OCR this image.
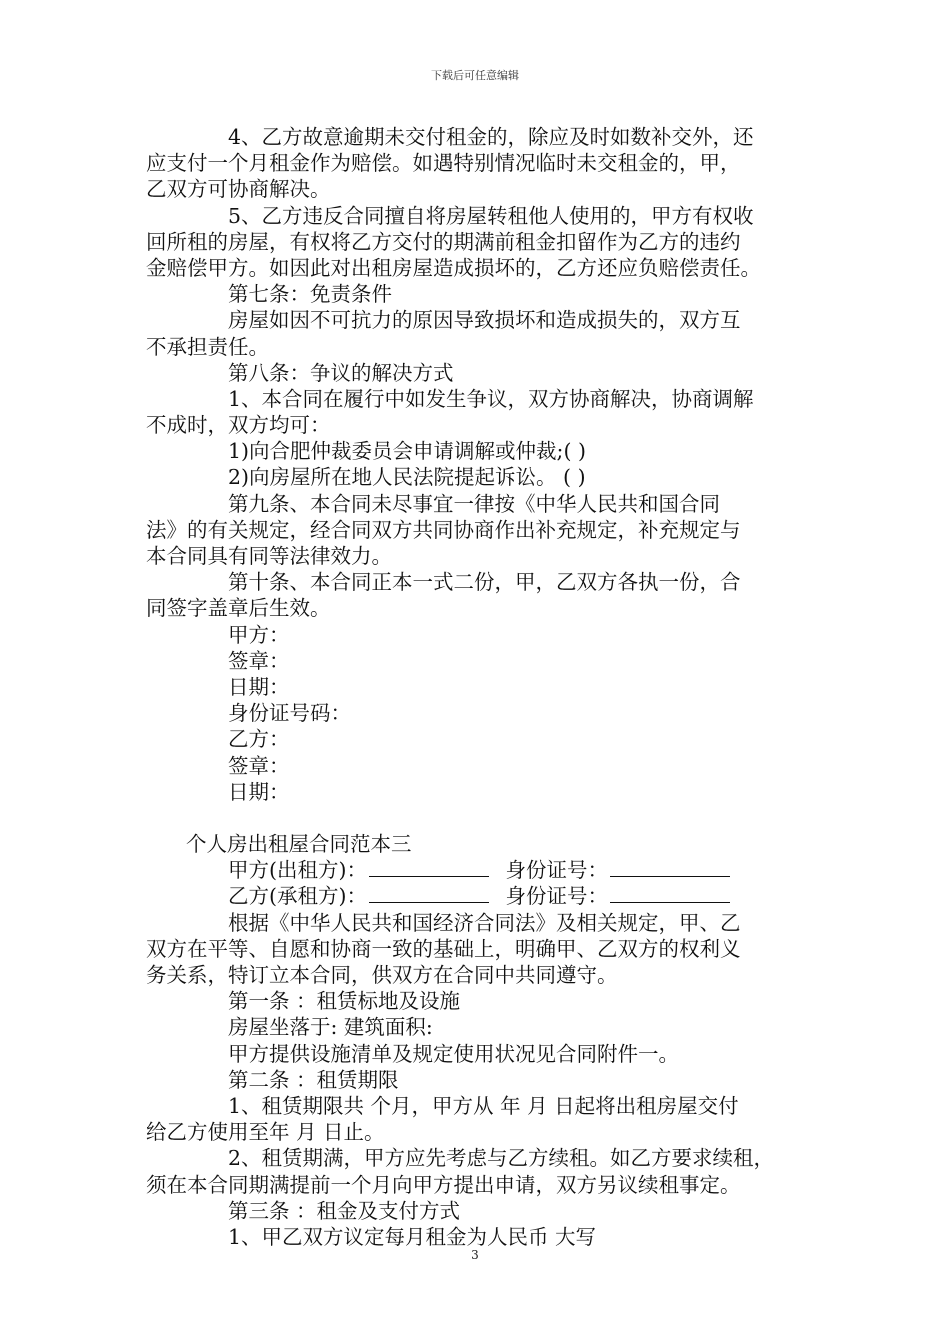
下载后可任意编辑
4、乙方故意逾期未交付租金的，除应及时如数补交外，还
应支付一个月租金作为赔偿。如遇特别情况临时未交租金的，甲，
乙双方可协商解决。
5、乙方违反合同擅自将房屋转租他人使用的，甲方有权收
回所租的房屋，有权将乙方交付的期满前租金扣留作为乙方的违约
金赔偿甲方。如因此对出租房屋造成损坏的，乙方还应负赔偿责任。
第七条：免责条件
房屋如因不可抗力的原因导致损坏和造成损失的，双方互
不承担责任。
第八条：争议的解决方式
1、本合同在履行中如发生争议，双方协商解决，协商调解
不成时，双方均可：
1)向合肥仲裁委员会申请调解或仲裁;( )
2)向房屋所在地人民法院提起诉讼。 ( )
第九条、本合同未尽事宜一律按《中华人民共和国合同
法》的有关规定，经合同双方共同协商作出补充规定，补充规定与
本合同具有同等法律效力。
第十条、本合同正本一式二份，甲，乙双方各执一份，合
同签字盖章后生效。
甲方：
签章：
日期：
身份证号码：
乙方：
签章：
日期：
个人房出租屋合同范本三
甲方(出租方)：	身份证号：
乙方(承租方)：	身份证号：
根据《中华人民共和国经济合同法》及相关规定，甲、乙
双方在平等、自愿和协商一致的基础上，明确甲、乙双方的权利义
务关系，特订立本合同，供双方在合同中共同遵守。
第一条 ：租赁标地及设施
房屋坐落于: 建筑面积:
甲方提供设施清单及规定使用状况见合同附件一。
第二条 ：租赁期限
1、租赁期限共 个月，甲方从 年 月 日起将出租房屋交付
给乙方使用至年 月 日止。
2、租赁期满，甲方应先考虑与乙方续租。如乙方要求续租，
须在本合同期满提前一个月向甲方提出申请，双方另议续租事定。
第三条 ：租金及支付方式
1、甲乙双方议定每月租金为人民币 大写
3
